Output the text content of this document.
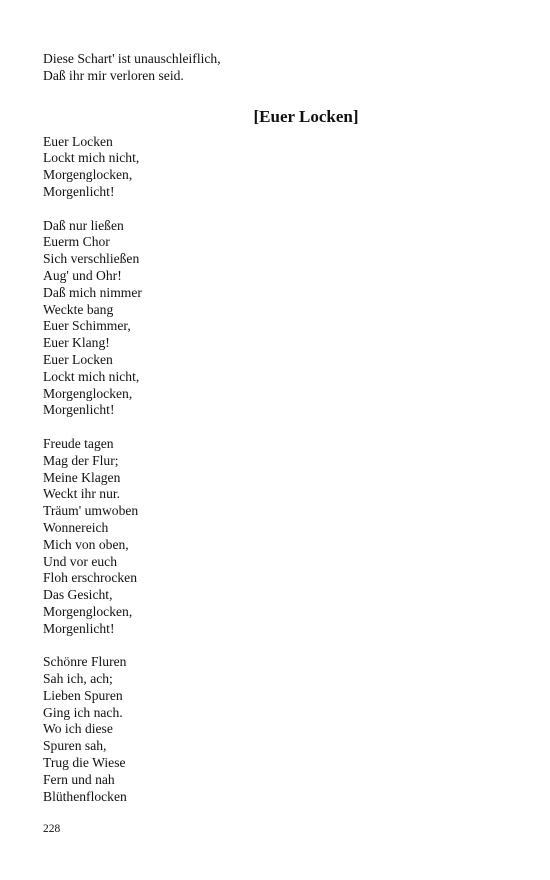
Diese Schart' ist unauschleiflich,
Daß ihr mir verloren seid.
[Euer Locken]
Euer Locken
Lockt mich nicht,
Morgenglocken,
Morgenlicht!
Daß nur ließen
Euerm Chor
Sich verschließen
Aug' und Ohr!
Daß mich nimmer
Weckte bang
Euer Schimmer,
Euer Klang!
Euer Locken
Lockt mich nicht,
Morgenglocken,
Morgenlicht!
Freude tagen
Mag der Flur;
Meine Klagen
Weckt ihr nur.
Träum' umwoben
Wonnereich
Mich von oben,
Und vor euch
Floh erschrocken
Das Gesicht,
Morgenglocken,
Morgenlicht!
Schönre Fluren
Sah ich, ach;
Lieben Spuren
Ging ich nach.
Wo ich diese
Spuren sah,
Trug die Wiese
Fern und nah
Blüthenflocken
228
